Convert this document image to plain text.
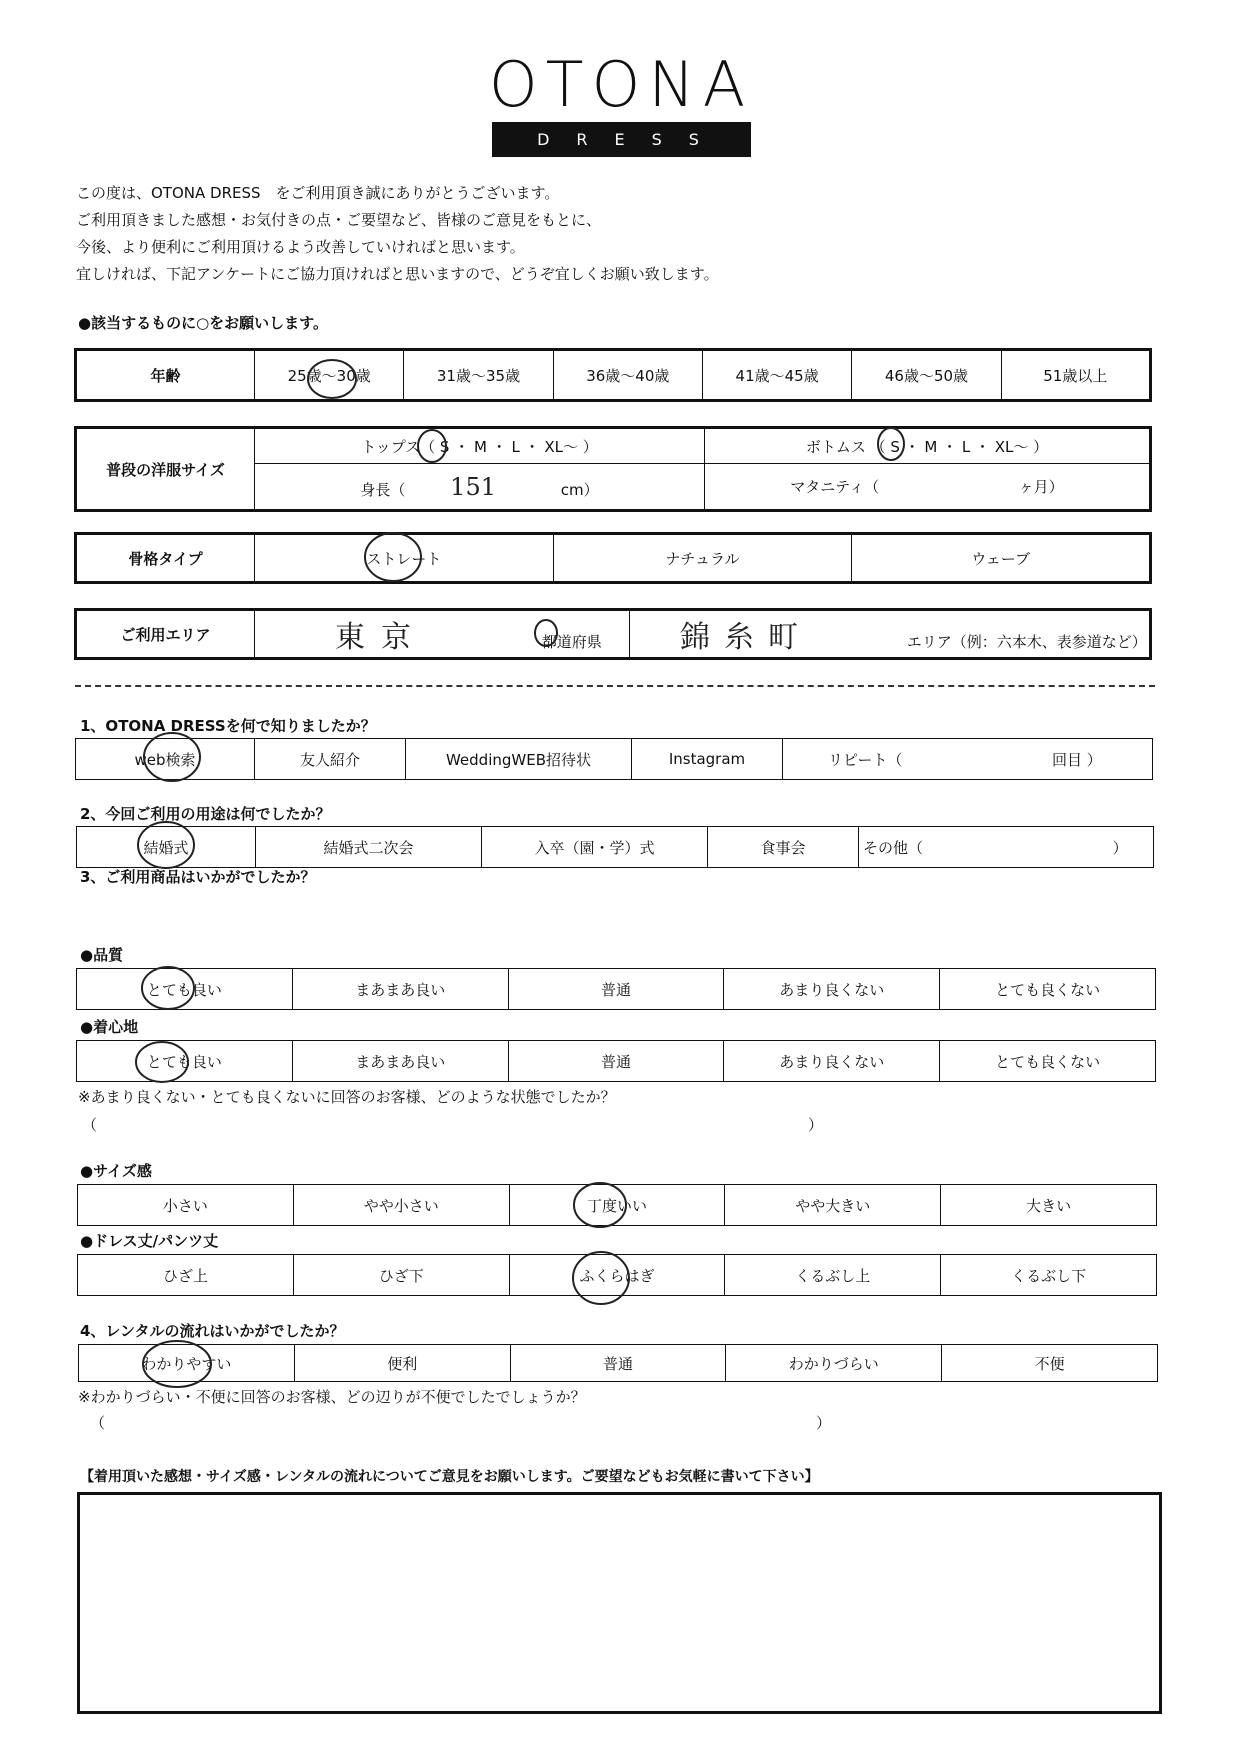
OTONA
DRESS
この度は、OTONA DRESS　をご利用頂き誠にありがとうございます。
ご利用頂きました感想・お気付きの点・ご要望など、皆様のご意見をもとに、
今後、より便利にご利用頂けるよう改善していければと思います。
宜しければ、下記アンケートにご協力頂ければと思いますので、どうぞ宜しくお願い致します。
●該当するものに○をお願いします。
年齢	25歳～30歳	31歳～35歳	36歳～40歳	41歳～45歳	46歳～50歳	51歳以上
普段の洋服サイズ	トップス（ S ・ M ・ L ・ XL～ ）	ボトムス （ S ・ M ・ L ・ XL～ ）
	身長（ 151 cm）	マタニティ（ ヶ月）
骨格タイプ	ストレート	ナチュラル	ウェーブ
ご利用エリア	東京	都道府県	錦糸町	エリア（例：六本木、表参道など）
1、OTONA DRESSを何で知りましたか？
web検索	友人紹介	WeddingWEB招待状	Instagram	リピート（	回目 ）
2、今回ご利用の用途は何でしたか？
結婚式	結婚式二次会	入卒（園・学）式	食事会	その他（	）
3、ご利用商品はいかがでしたか？
●品質
とても良い	まあまあ良い	普通	あまり良くない	とても良くない
●着心地
とても良い	まあまあ良い	普通	あまり良くない	とても良くない
※あまり良くない・とても良くないに回答のお客様、どのような状態でしたか？
（	）
●サイズ感
小さい	やや小さい	丁度いい	やや大きい	大きい
●ドレス丈/パンツ丈
ひざ上	ひざ下	ふくらはぎ	くるぶし上	くるぶし下
4、レンタルの流れはいかがでしたか？
わかりやすい	便利	普通	わかりづらい	不便
※わかりづらい・不便に回答のお客様、どの辺りが不便でしたでしょうか？
（	）
【着用頂いた感想・サイズ感・レンタルの流れについてご意見をお願いします。ご要望などもお気軽に書いて下さい】
